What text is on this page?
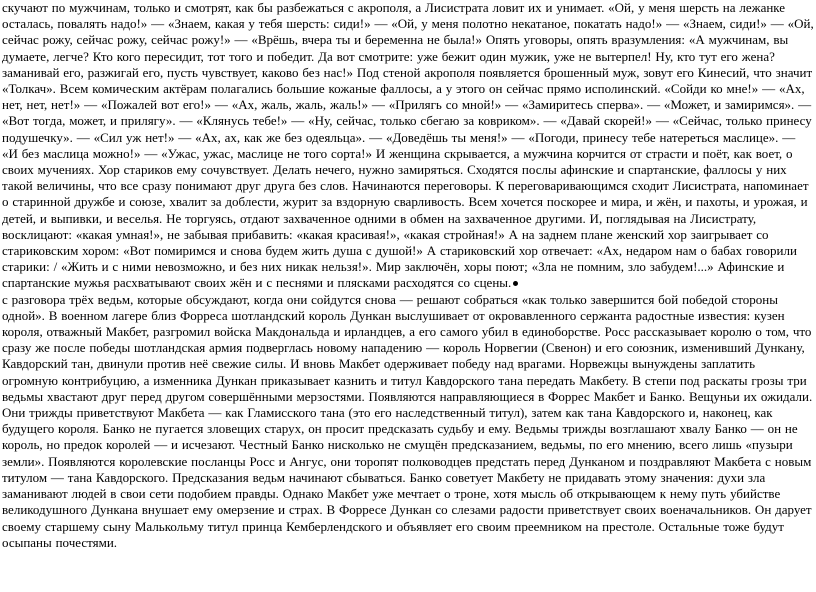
скучают по мужчинам, только и смотрят, как бы разбежаться с акрополя, а Лисистрата ловит их и унимает. «Ой, у меня шерсть на лежанке осталась, повалять надо!» — «Знаем, какая у тебя шерсть: сиди!» — «Ой, у меня полотно некатаное, покатать надо!» — «Знаем, сиди!» — «Ой, сейчас рожу, сейчас рожу, сейчас рожу!» — «Врёшь, вчера ты и беременна не была!» Опять уговоры, опять вразумления: «А мужчинам, вы думаете, легче? Кто кого пересидит, тот того и победит. Да вот смотрите: уже бежит один мужик, уже не вытерпел! Ну, кто тут его жена? заманивай его, разжигай его, пусть чувствует, каково без нас!» Под стеной акрополя появляется брошенный муж, зовут его Кинесий, что значит «Толкач». Всем комическим актёрам полагались большие кожаные фаллосы, а у этого он сейчас прямо исполинский. «Сойди ко мне!» — «Ах, нет, нет, нет!» — «Пожалей вот его!» — «Ах, жаль, жаль, жаль!» — «Прилягь со мной!» — «Замиритесь сперва». — «Может, и замиримся». — «Вот тогда, может, и прилягу». — «Клянусь тебе!» — «Ну, сейчас, только сбегаю за ковриком». — «Давай скорей!» — «Сейчас, только принесу подушечку». — «Сил уж нет!» — «Ах, ах, как же без одеяльца». — «Доведёшь ты меня!» — «Погоди, принесу тебе натереться маслице». — «И без маслица можно!» — «Ужас, ужас, маслице не того сорта!» И женщина скрывается, а мужчина корчится от страсти и поёт, как воет, о своих мучениях. Хор стариков ему сочувствует. Делать нечего, нужно замиряться. Сходятся послы афинские и спартанские, фаллосы у них такой величины, что все сразу понимают друг друга без слов. Начинаются переговоры. К переговаривающимся сходит Лисистрата, напоминает о старинной дружбе и союзе, хвалит за доблести, журит за вздорную сварливость. Всем хочется поскорее и мира, и жён, и пахоты, и урожая, и детей, и выпивки, и веселья. Не торгуясь, отдают захваченное одними в обмен на захваченное другими. И, поглядывая на Лисистрату, восклицают: «какая умная!», не забывая прибавить: «какая красивая!», «какая стройная!» А на заднем плане женский хор заигрывает со стариковским хором: «Вот помиримся и снова будем жить душа с душой!» А стариковский хор отвечает: «Ах, недаром нам о бабах говорили старики: / «Жить и с ними невозможно, и без них никак нельзя!». Мир заключён, хоры поют; «Зла не помним, зло забудем!...» Афинские и спартанские мужья расхватывают своих жён и с песнями и плясками расходятся со сцены.

с разговора трёх ведьм, которые обсуждают, когда они сойдутся снова — решают собраться «как только завершится бой победой стороны одной». В военном лагере близ Форреса шотландский король Дункан выслушивает от окровавленного сержанта радостные известия: кузен короля, отважный Макбет, разгромил войска Макдональда и ирландцев, а его самого убил в единоборстве. Росс рассказывает королю о том, что сразу же после победы шотландская армия подверглась новому нападению — король Норвегии (Свенон) и его союзник, изменивший Дункану, Кавдорский тан, двинули против неё свежие силы. И вновь Макбет одерживает победу над врагами. Норвежцы вынуждены заплатить огромную контрибуцию, а изменника Дункан приказывает казнить и титул Кавдорского тана передать Макбету. В степи под раскаты грозы три ведьмы хвастают друг перед другом совершёнными мерзостями. Появляются направляющиеся в Форрес Макбет и Банко. Вещуньи их ожидали. Они трижды приветствуют Макбета — как Гламисского тана (это его наследственный титул), затем как тана Кавдорского и, наконец, как будущего короля. Банко не пугается зловещих старух, он просит предсказать судьбу и ему. Ведьмы трижды возглашают хвалу Банко — он не король, но предок королей — и исчезают. Честный Банко нисколько не смущён предсказанием, ведьмы, по его мнению, всего лишь «пузыри земли». Появляются королевские посланцы Росс и Ангус, они торопят полководцев предстать перед Дунканом и поздравляют Макбета с новым титулом — тана Кавдорского. Предсказания ведьм начинают сбываться. Банко советует Макбету не придавать этому значения: духи зла заманивают людей в свои сети подобием правды. Однако Макбет уже мечтает о троне, хотя мысль об открывающем к нему путь убийстве великодушного Дункана внушает ему омерзение и страх. В Форресе Дункан со слезами радости приветствует своих военачальников. Он дарует своему старшему сыну Малькольму титул принца Кемберлендского и объявляет его своим преемником на престоле. Остальные тоже будут осыпаны почестями.
